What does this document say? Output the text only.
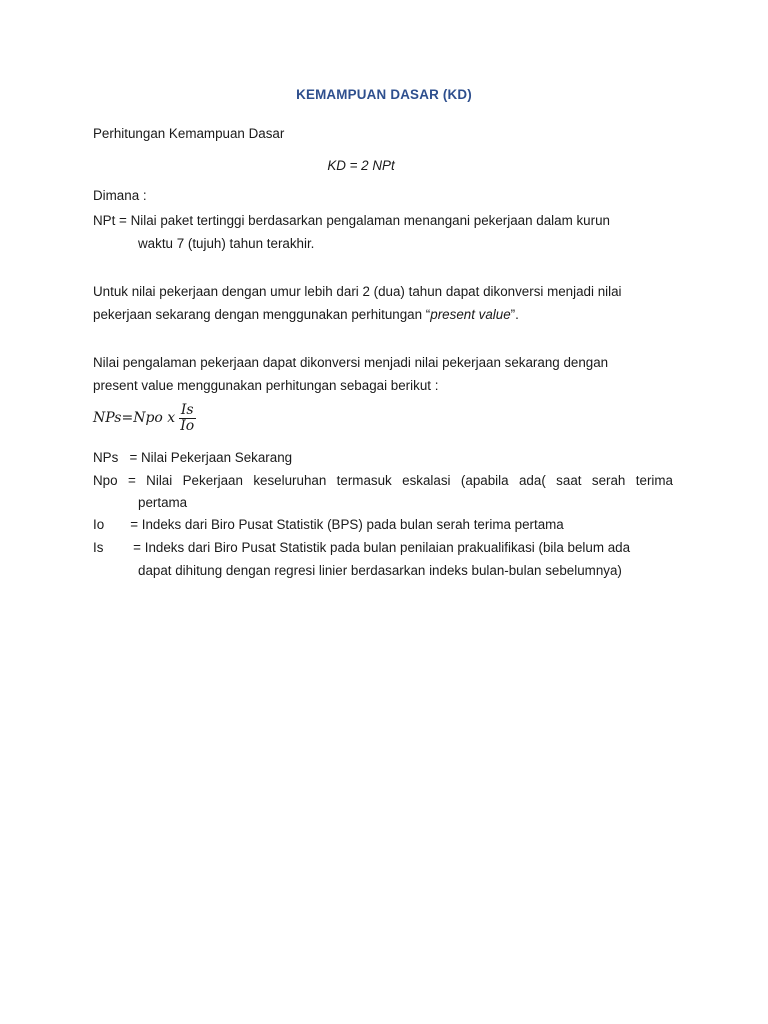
KEMAMPUAN DASAR (KD)
Perhitungan Kemampuan Dasar
KD = 2 NPt
Dimana :
NPt = Nilai paket tertinggi berdasarkan pengalaman menangani pekerjaan dalam kurun
waktu 7 (tujuh) tahun terakhir.
Untuk nilai pekerjaan dengan umur lebih dari 2 (dua) tahun dapat dikonversi menjadi nilai
pekerjaan sekarang dengan menggunakan perhitungan “present value”.
Nilai pengalaman pekerjaan dapat dikonversi menjadi nilai pekerjaan sekarang dengan
present value menggunakan perhitungan sebagai berikut :
NPs=Npo x $\frac{Is}{Io}$
NPs   = Nilai Pekerjaan Sekarang
Npo = Nilai Pekerjaan keseluruhan termasuk eskalasi (apabila ada( saat serah terima
pertama
Io       = Indeks dari Biro Pusat Statistik (BPS) pada bulan serah terima pertama
Is        = Indeks dari Biro Pusat Statistik pada bulan penilaian prakualifikasi (bila belum ada
dapat dihitung dengan regresi linier berdasarkan indeks bulan-bulan sebelumnya)
